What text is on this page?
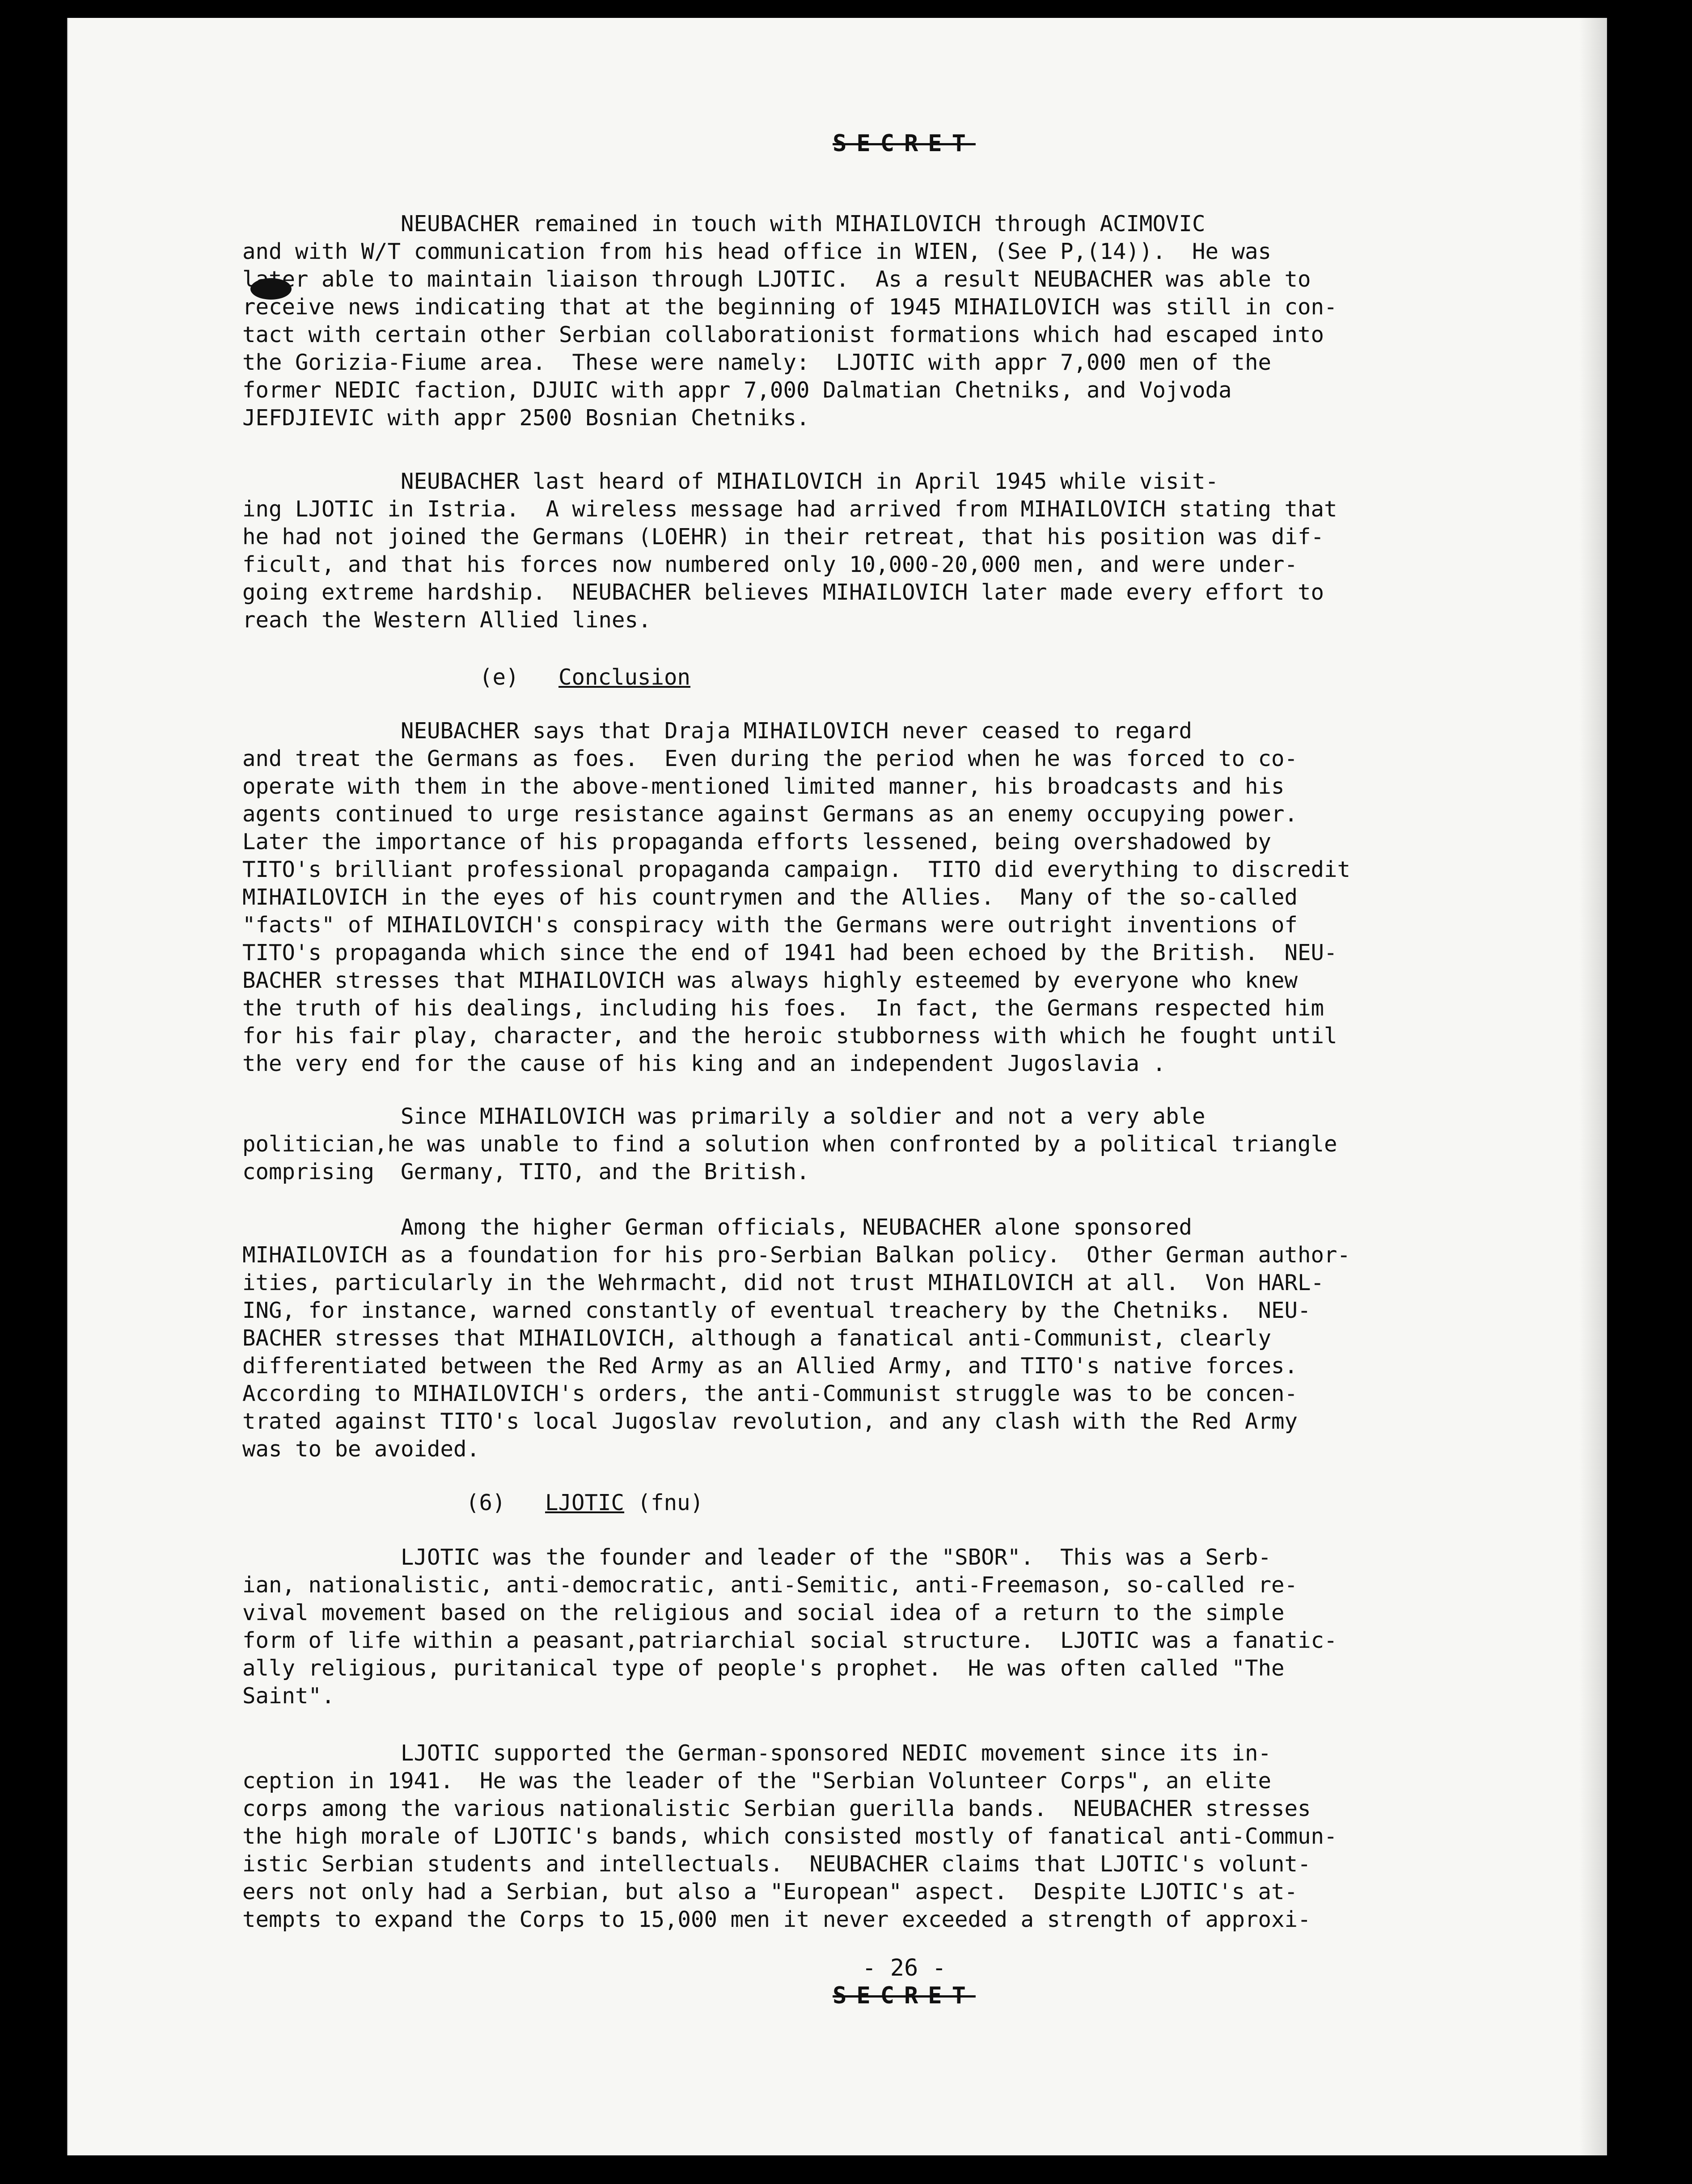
SECRET
NEUBACHER remained in touch with MIHAILOVICH through ACIMOVIC
and with W/T communication from his head office in WIEN, (See P,(14)).  He was
later able to maintain liaison through LJOTIC.  As a result NEUBACHER was able to
receive news indicating that at the beginning of 1945 MIHAILOVICH was still in con-
tact with certain other Serbian collaborationist formations which had escaped into
the Gorizia-Fiume area.  These were namely:  LJOTIC with appr 7,000 men of the
former NEDIC faction, DJUIC with appr 7,000 Dalmatian Chetniks, and Vojvoda
JEFDJIEVIC with appr 2500 Bosnian Chetniks.
NEUBACHER last heard of MIHAILOVICH in April 1945 while visit-
ing LJOTIC in Istria.  A wireless message had arrived from MIHAILOVICH stating that
he had not joined the Germans (LOEHR) in their retreat, that his position was dif-
ficult, and that his forces now numbered only 10,000-20,000 men, and were under-
going extreme hardship.  NEUBACHER believes MIHAILOVICH later made every effort to
reach the Western Allied lines.
(e) Conclusion
NEUBACHER says that Draja MIHAILOVICH never ceased to regard
and treat the Germans as foes.  Even during the period when he was forced to co-
operate with them in the above-mentioned limited manner, his broadcasts and his
agents continued to urge resistance against Germans as an enemy occupying power.
Later the importance of his propaganda efforts lessened, being overshadowed by
TITO's brilliant professional propaganda campaign.  TITO did everything to discredit
MIHAILOVICH in the eyes of his countrymen and the Allies.  Many of the so-called
"facts" of MIHAILOVICH's conspiracy with the Germans were outright inventions of
TITO's propaganda which since the end of 1941 had been echoed by the British.  NEU-
BACHER stresses that MIHAILOVICH was always highly esteemed by everyone who knew
the truth of his dealings, including his foes.  In fact, the Germans respected him
for his fair play, character, and the heroic stubborness with which he fought until
the very end for the cause of his king and an independent Jugoslavia .
Since MIHAILOVICH was primarily a soldier and not a very able
politician,he was unable to find a solution when confronted by a political triangle
comprising  Germany, TITO, and the British.
Among the higher German officials, NEUBACHER alone sponsored
MIHAILOVICH as a foundation for his pro-Serbian Balkan policy.  Other German author-
ities, particularly in the Wehrmacht, did not trust MIHAILOVICH at all.  Von HARL-
ING, for instance, warned constantly of eventual treachery by the Chetniks.  NEU-
BACHER stresses that MIHAILOVICH, although a fanatical anti-Communist, clearly
differentiated between the Red Army as an Allied Army, and TITO's native forces.
According to MIHAILOVICH's orders, the anti-Communist struggle was to be concen-
trated against TITO's local Jugoslav revolution, and any clash with the Red Army
was to be avoided.
(6) LJOTIC (fnu)
LJOTIC was the founder and leader of the "SBOR".  This was a Serb-
ian, nationalistic, anti-democratic, anti-Semitic, anti-Freemason, so-called re-
vival movement based on the religious and social idea of a return to the simple
form of life within a peasant,patriarchial social structure.  LJOTIC was a fanatic-
ally religious, puritanical type of people's prophet.  He was often called "The
Saint".
LJOTIC supported the German-sponsored NEDIC movement since its in-
ception in 1941.  He was the leader of the "Serbian Volunteer Corps", an elite
corps among the various nationalistic Serbian guerilla bands.  NEUBACHER stresses
the high morale of LJOTIC's bands, which consisted mostly of fanatical anti-Commun-
istic Serbian students and intellectuals.  NEUBACHER claims that LJOTIC's volunt-
eers not only had a Serbian, but also a "European" aspect.  Despite LJOTIC's at-
tempts to expand the Corps to 15,000 men it never exceeded a strength of approxi-
- 26 -
SECRET
